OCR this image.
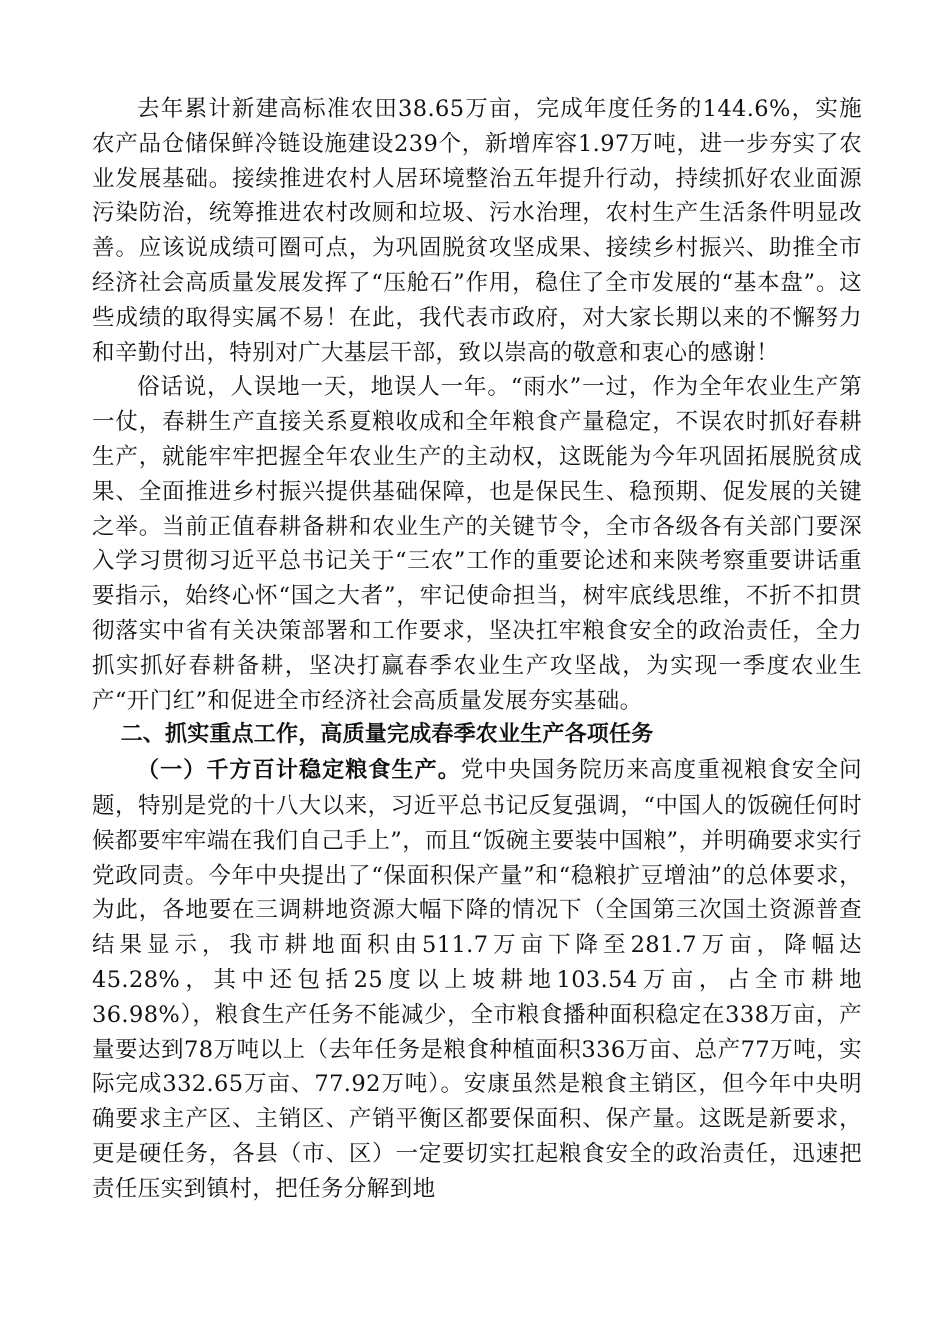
去年累计新建高标准农田38.65万亩，完成年度任务的144.6%，实施农产品仓储保鲜冷链设施建设239个，新增库容1.97万吨，进一步夯实了农业发展基础。接续推进农村人居环境整治五年提升行动，持续抓好农业面源污染防治，统筹推进农村改厕和垃圾、污水治理，农村生产生活条件明显改善。应该说成绩可圈可点，为巩固脱贫攻坚成果、接续乡村振兴、助推全市经济社会高质量发展发挥了“压舱石”作用，稳住了全市发展的“基本盘”。这些成绩的取得实属不易！在此，我代表市政府，对大家长期以来的不懈努力和辛勤付出，特别对广大基层干部，致以崇高的敬意和衷心的感谢！

俗话说，人误地一天，地误人一年。“雨水”一过，作为全年农业生产第一仗，春耕生产直接关系夏粮收成和全年粮食产量稳定，不误农时抓好春耕生产，就能牢牢把握全年农业生产的主动权，这既能为今年巩固拓展脱贫成果、全面推进乡村振兴提供基础保障，也是保民生、稳预期、促发展的关键之举。当前正值春耕备耕和农业生产的关键节令，全市各级各有关部门要深入学习贯彻习近平总书记关于“三农”工作的重要论述和来陕考察重要讲话重要指示，始终心怀“国之大者”，牢记使命担当，树牢底线思维，不折不扣贯彻落实中省有关决策部署和工作要求，坚决扛牢粮食安全的政治责任，全力抓实抓好春耕备耕，坚决打赢春季农业生产攻坚战，为实现一季度农业生产“开门红”和促进全市经济社会高质量发展夯实基础。

二、抓实重点工作，高质量完成春季农业生产各项任务

（一）千方百计稳定粮食生产。党中央国务院历来高度重视粮食安全问题，特别是党的十八大以来，习近平总书记反复强调，“中国人的饭碗任何时候都要牢牢端在我们自己手上”，而且“饭碗主要装中国粮”，并明确要求实行党政同责。今年中央提出了“保面积保产量”和“稳粮扩豆增油”的总体要求，为此，各地要在三调耕地资源大幅下降的情况下（全国第三次国土资源普查结果显示，我市耕地面积由511.7万亩下降至281.7万亩，降幅达45.28%，其中还包括25度以上坡耕地103.54万亩，占全市耕地36.98%），粮食生产任务不能减少，全市粮食播种面积稳定在338万亩，产量要达到78万吨以上（去年任务是粮食种植面积336万亩、总产77万吨，实际完成332.65万亩、77.92万吨）。安康虽然是粮食主销区，但今年中央明确要求主产区、主销区、产销平衡区都要保面积、保产量。这既是新要求，更是硬任务，各县（市、区）一定要切实扛起粮食安全的政治责任，迅速把责任压实到镇村，把任务分解到地
